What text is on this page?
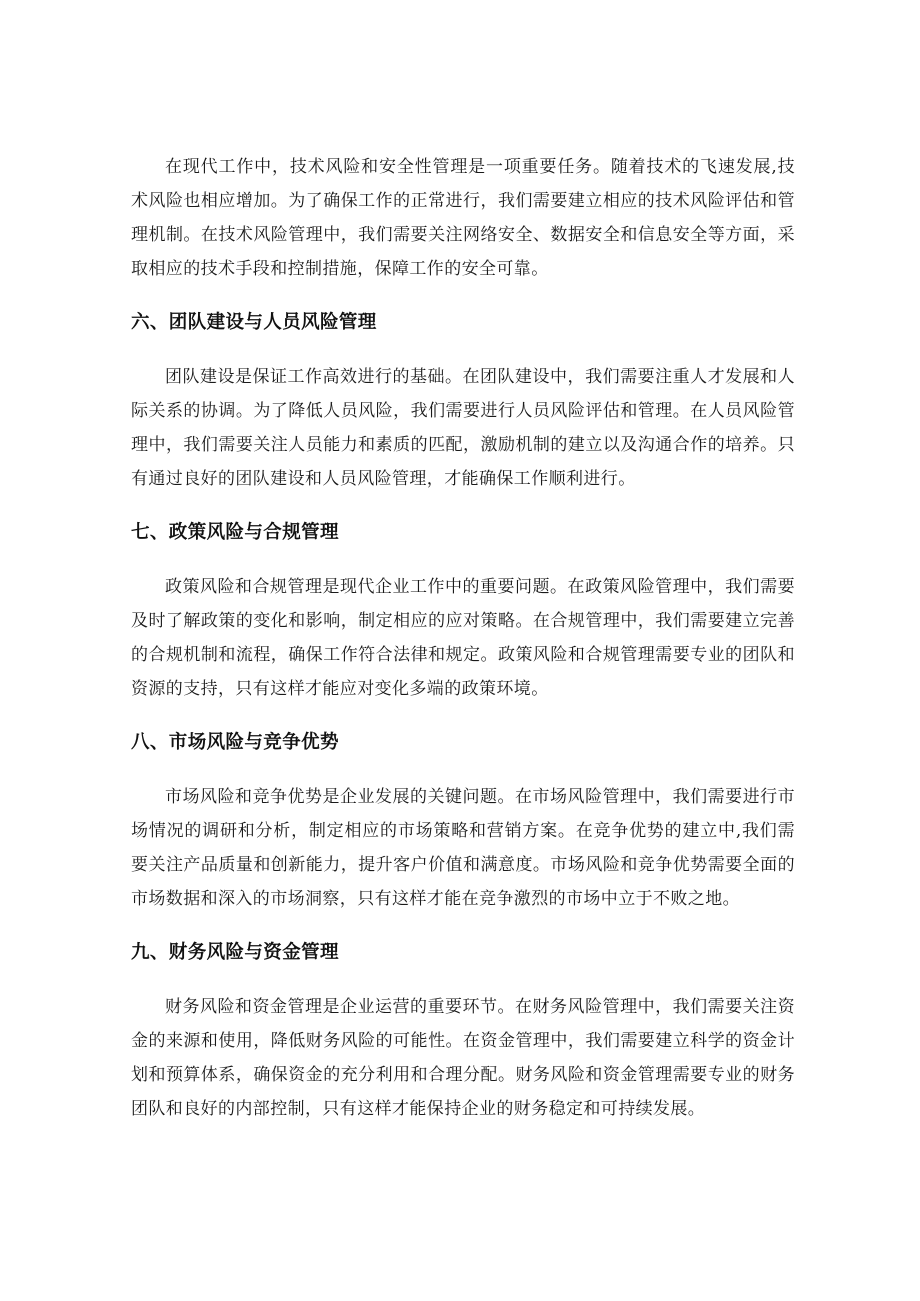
在现代工作中，技术风险和安全性管理是一项重要任务。随着技术的飞速发展,技术风险也相应增加。为了确保工作的正常进行，我们需要建立相应的技术风险评估和管理机制。在技术风险管理中，我们需要关注网络安全、数据安全和信息安全等方面，采取相应的技术手段和控制措施，保障工作的安全可靠。

六、团队建设与人员风险管理

团队建设是保证工作高效进行的基础。在团队建设中，我们需要注重人才发展和人际关系的协调。为了降低人员风险，我们需要进行人员风险评估和管理。在人员风险管理中，我们需要关注人员能力和素质的匹配，激励机制的建立以及沟通合作的培养。只有通过良好的团队建设和人员风险管理，才能确保工作顺利进行。

七、政策风险与合规管理

政策风险和合规管理是现代企业工作中的重要问题。在政策风险管理中，我们需要及时了解政策的变化和影响，制定相应的应对策略。在合规管理中，我们需要建立完善的合规机制和流程，确保工作符合法律和规定。政策风险和合规管理需要专业的团队和资源的支持，只有这样才能应对变化多端的政策环境。

八、市场风险与竞争优势

市场风险和竞争优势是企业发展的关键问题。在市场风险管理中，我们需要进行市场情况的调研和分析，制定相应的市场策略和营销方案。在竞争优势的建立中,我们需要关注产品质量和创新能力，提升客户价值和满意度。市场风险和竞争优势需要全面的市场数据和深入的市场洞察，只有这样才能在竞争激烈的市场中立于不败之地。

九、财务风险与资金管理

财务风险和资金管理是企业运营的重要环节。在财务风险管理中，我们需要关注资金的来源和使用，降低财务风险的可能性。在资金管理中，我们需要建立科学的资金计划和预算体系，确保资金的充分利用和合理分配。财务风险和资金管理需要专业的财务团队和良好的内部控制，只有这样才能保持企业的财务稳定和可持续发展。
